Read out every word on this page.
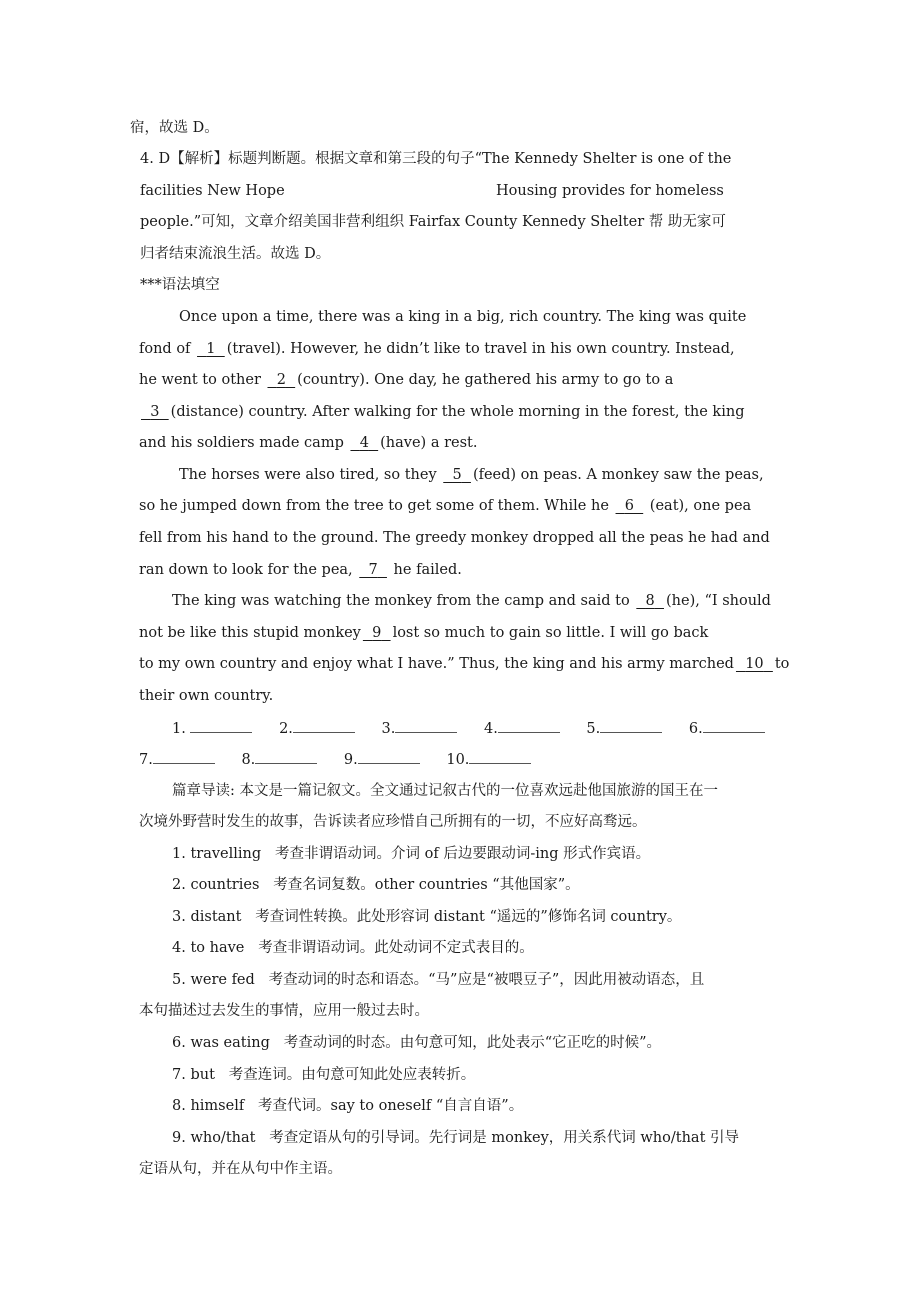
宿，故选 D。
4. D【解析】标题判断题。根据文章和第三段的句子“The Kennedy Shelter is one of the
facilities New Hope	Housing provides for homeless
people.”可知，文章介绍美国非营利组织 Fairfax County Kennedy Shelter 帮 助无家可
归者结束流浪生活。故选 D。
***语法填空
Once upon a time, there was a king in a big, rich country. The king was quite
fond of   1 (travel). However, he didn’t like to travel in his own country. Instead,
he went to other   2 (country). One day, he gathered his army to go to a
3 (distance) country. After walking for the whole morning in the forest, the king
and his soldiers made camp   4 (have) a rest.
The horses were also tired, so they   5 (feed) on peas. A monkey saw the peas,
so he jumped down from the tree to get some of them. While he   6   (eat), one pea
fell from his hand to the ground. The greedy monkey dropped all the peas he had and
ran down to look for the pea,   7   he failed.
The king was watching the monkey from the camp and said to   8 (he), “I should
not be like this stupid monkey 9 lost so much to gain so little. I will go back
to my own country and enjoy what I have.” Thus, the king and his army marched 10 to
their own country.
1.	2.	3.	4.	5.	6.
7.	8.	9.	10.
篇章导读: 本文是一篇记叙文。全文通过记叙古代的一位喜欢远赴他国旅游的国王在一
次境外野营时发生的故事，告诉读者应珍惜自己所拥有的一切，不应好高骛远。
1. travelling 考查非谓语动词。介词 of 后边要跟动词-ing 形式作宾语。
2. countries 考查名词复数。other countries “其他国家”。
3. distant 考查词性转换。此处形容词 distant “遥远的”修饰名词 country。
4. to have 考查非谓语动词。此处动词不定式表目的。
5. were fed 考查动词的时态和语态。“马”应是“被喂豆子”，因此用被动语态，且
本句描述过去发生的事情，应用一般过去时。
6. was eating 考查动词的时态。由句意可知，此处表示“它正吃的时候”。
7. but 考查连词。由句意可知此处应表转折。
8. himself 考查代词。say to oneself “自言自语”。
9. who/that 考查定语从句的引导词。先行词是 monkey，用关系代词 who/that 引导
定语从句，并在从句中作主语。
